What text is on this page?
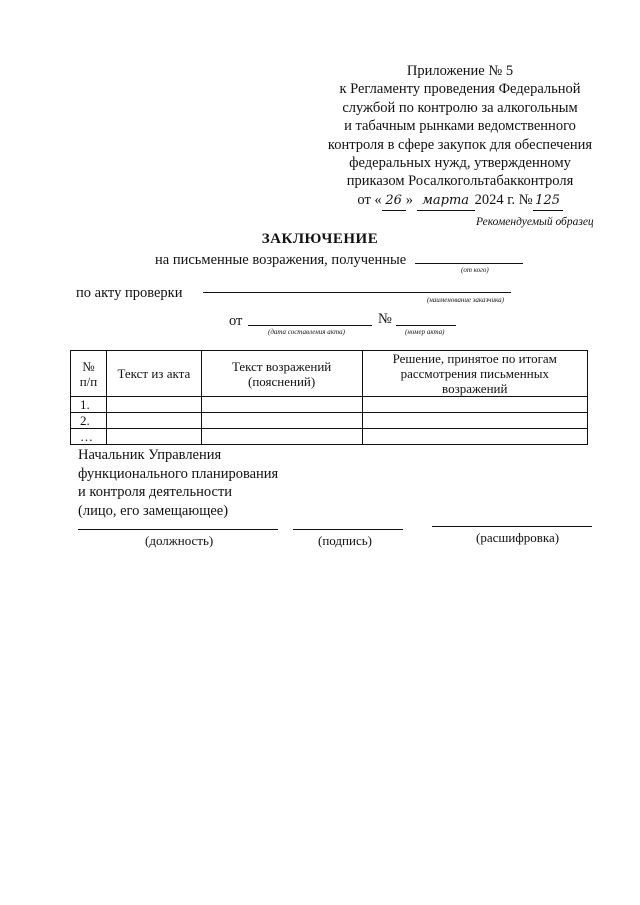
Приложение № 5
к Регламенту проведения Федеральной
службой по контролю за алкогольным
и табачным рынками ведомственного
контроля в сфере закупок для обеспечения
федеральных нужд, утвержденному
приказом Росалкогольтабакконтроля
от « 26 » марта 2024 г. № 125
Рекомендуемый образец
ЗАКЛЮЧЕНИЕ
на письменные возражения, полученные
(от кого)
по акту проверки	(наименование заказчика)
от	№
(дата составления акта)	(номер акта)
№ п/п	Текст из акта	Текст возражений (пояснений)	Решение, принятое по итогам рассмотрения письменных возражений
1.			
2.			
…			
Начальник Управления
функционального планирования
и контроля деятельности
(лицо, его замещающее)
(должность)	(подпись)	(расшифровка)
